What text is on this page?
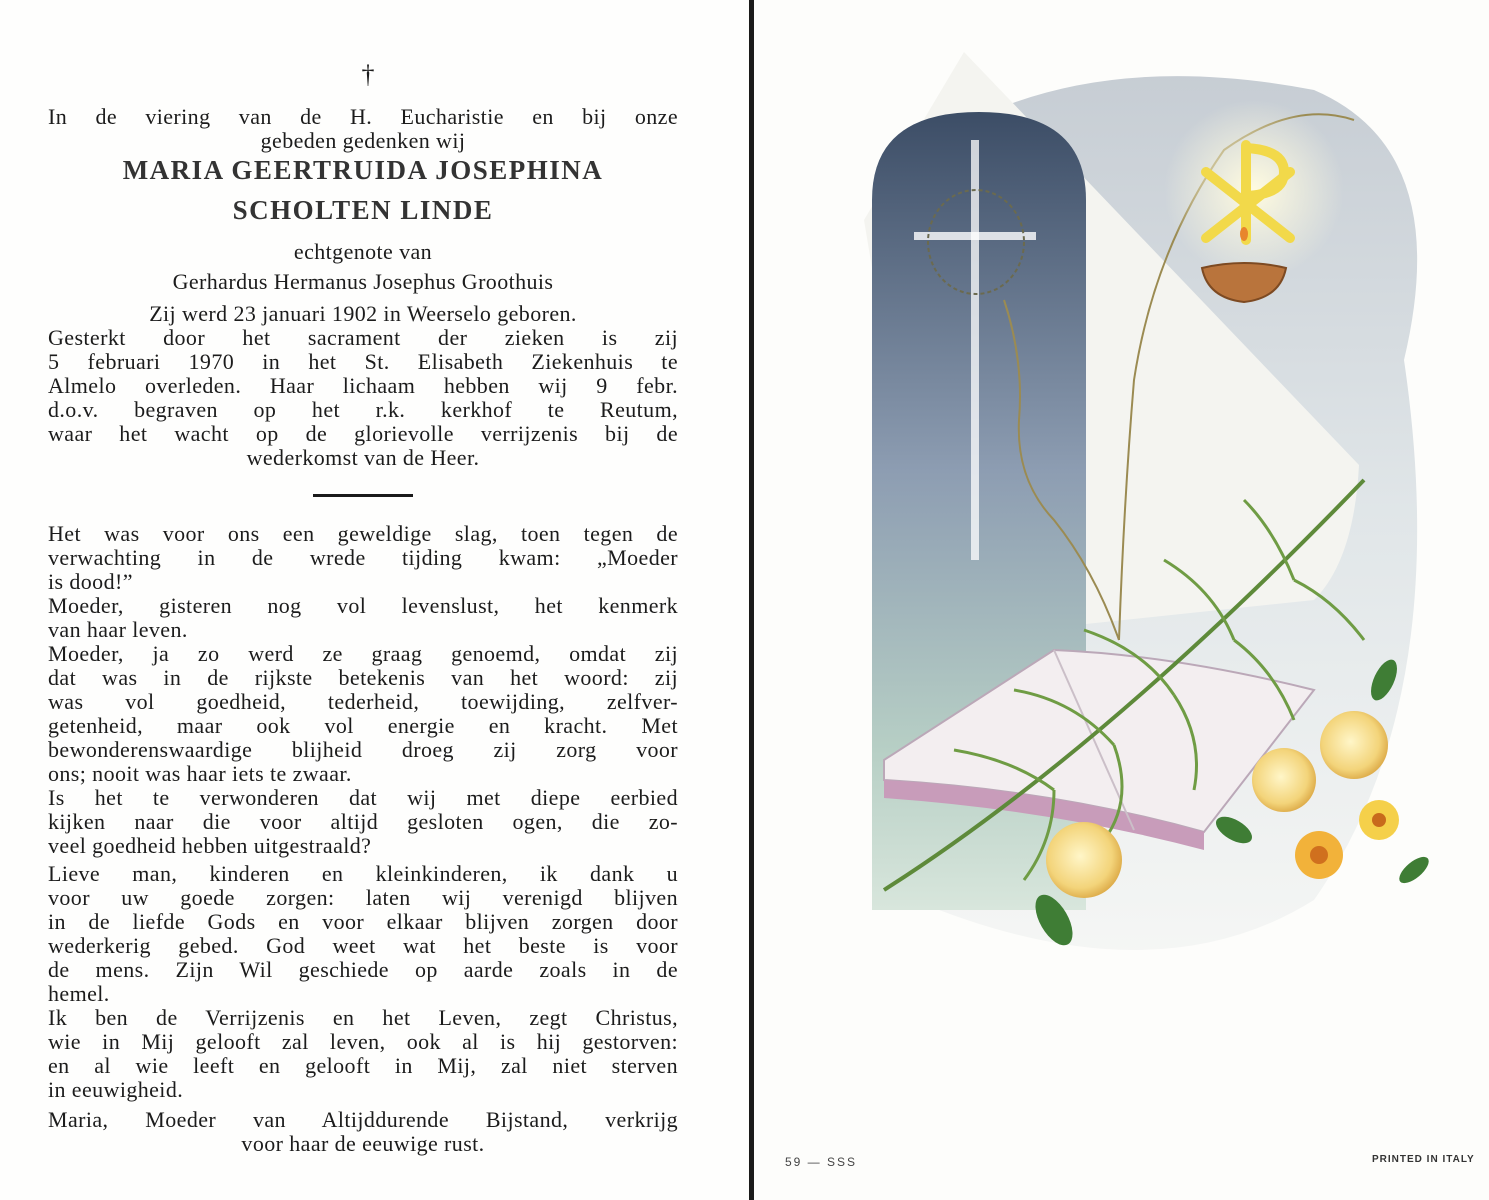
†
In de viering van de H. Eucharistie en bij onze
gebeden gedenken wij
MARIA GEERTRUIDA JOSEPHINA
SCHOLTEN LINDE
echtgenote van
Gerhardus Hermanus Josephus Groothuis
Zij werd 23 januari 1902 in Weerselo geboren.
Gesterkt door het sacrament der zieken is zij
5 februari 1970 in het St. Elisabeth Ziekenhuis te
Almelo overleden. Haar lichaam hebben wij 9 febr.
d.o.v. begraven op het r.k. kerkhof te Reutum,
waar het wacht op de glorievolle verrijzenis bij de
wederkomst van de Heer.
Het was voor ons een geweldige slag, toen tegen de
verwachting in de wrede tijding kwam: „Moeder
is dood!”
Moeder, gisteren nog vol levenslust, het kenmerk
van haar leven.
Moeder, ja zo werd ze graag genoemd, omdat zij
dat was in de rijkste betekenis van het woord: zij
was vol goedheid, tederheid, toewijding, zelfver-
getenheid, maar ook vol energie en kracht. Met
bewonderenswaardige blijheid droeg zij zorg voor
ons; nooit was haar iets te zwaar.
Is het te verwonderen dat wij met diepe eerbied
kijken naar die voor altijd gesloten ogen, die zo-
veel goedheid hebben uitgestraald?
Lieve man, kinderen en kleinkinderen, ik dank u
voor uw goede zorgen: laten wij verenigd blijven
in de liefde Gods en voor elkaar blijven zorgen door
wederkerig gebed. God weet wat het beste is voor
de mens. Zijn Wil geschiede op aarde zoals in de
hemel.
Ik ben de Verrijzenis en het Leven, zegt Christus,
wie in Mij gelooft zal leven, ook al is hij gestorven:
en al wie leeft en gelooft in Mij, zal niet sterven
in eeuwigheid.
Maria, Moeder van Altijddurende Bijstand, verkrijg
voor haar de eeuwige rust.
59 — SSS	PRINTED IN ITALY
